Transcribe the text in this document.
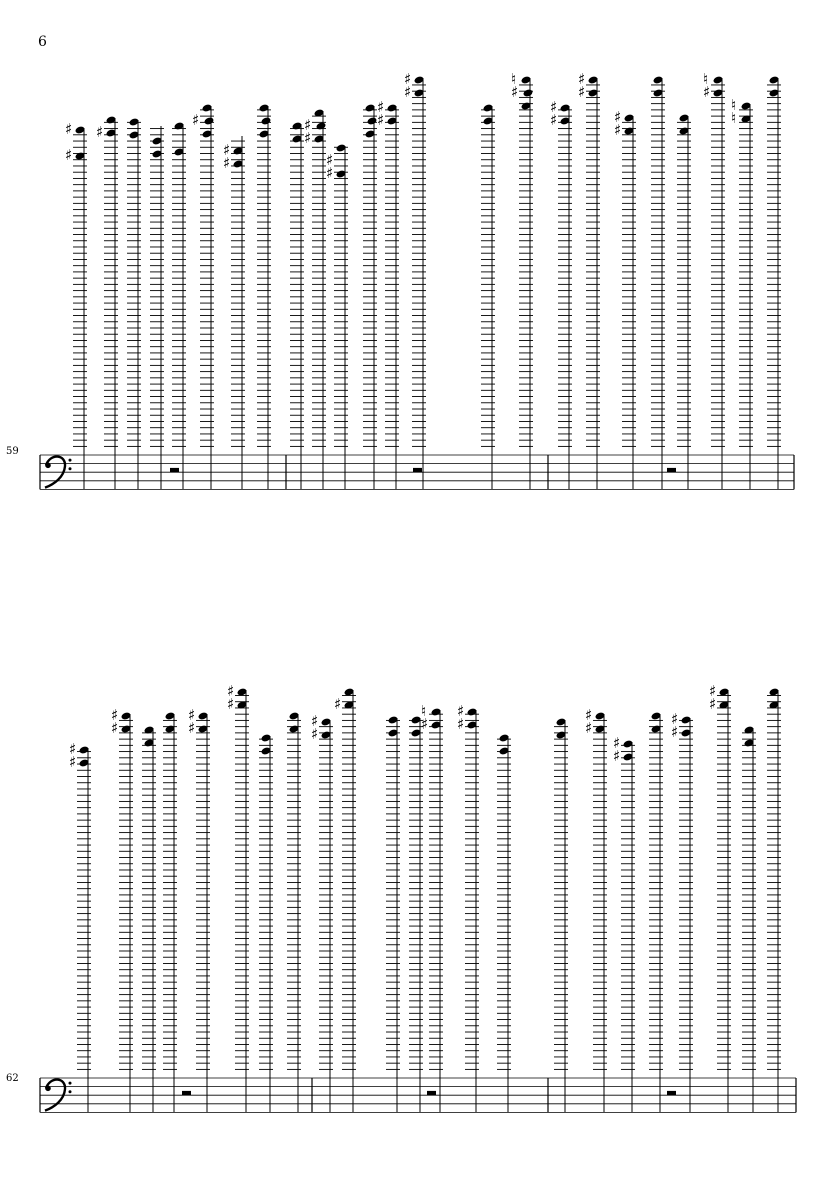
6
59
♯
♯ ♯
♯
♯
♯
♯
♯
♯
♯
♯
♯
♯
♯
♯
♮
♯
♯
♯
♯
♯
♯
♯
♮
♮
♮
62
♯
♯
♯
♯
♯
♯
♯
♯
♯
♯
♯
♯
♮
♯
♯
♯
♯
♯
♯
♯
♯
♯
♯
